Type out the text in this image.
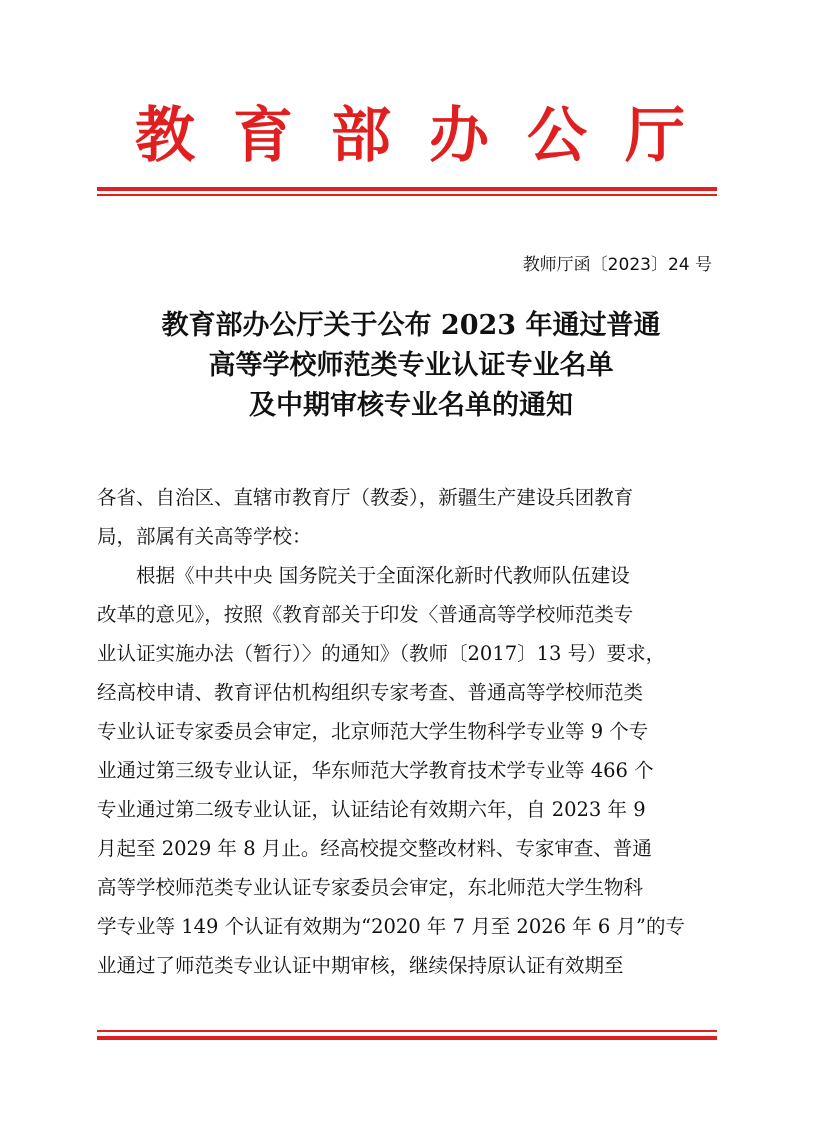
教育部办公厅
教师厅函〔2023〕24 号
教育部办公厅关于公布 2023 年通过普通
高等学校师范类专业认证专业名单
及中期审核专业名单的通知
各省、自治区、直辖市教育厅（教委），新疆生产建设兵团教育
局，部属有关高等学校：
根据《中共中央 国务院关于全面深化新时代教师队伍建设
改革的意见》，按照《教育部关于印发〈普通高等学校师范类专
业认证实施办法（暂行）〉的通知》（教师〔2017〕13 号）要求，
经高校申请、教育评估机构组织专家考查、普通高等学校师范类
专业认证专家委员会审定，北京师范大学生物科学专业等 9 个专
业通过第三级专业认证，华东师范大学教育技术学专业等 466 个
专业通过第二级专业认证，认证结论有效期六年，自 2023 年 9
月起至 2029 年 8 月止。经高校提交整改材料、专家审查、普通
高等学校师范类专业认证专家委员会审定，东北师范大学生物科
学专业等 149 个认证有效期为“2020 年 7 月至 2026 年 6 月”的专
业通过了师范类专业认证中期审核，继续保持原认证有效期至
